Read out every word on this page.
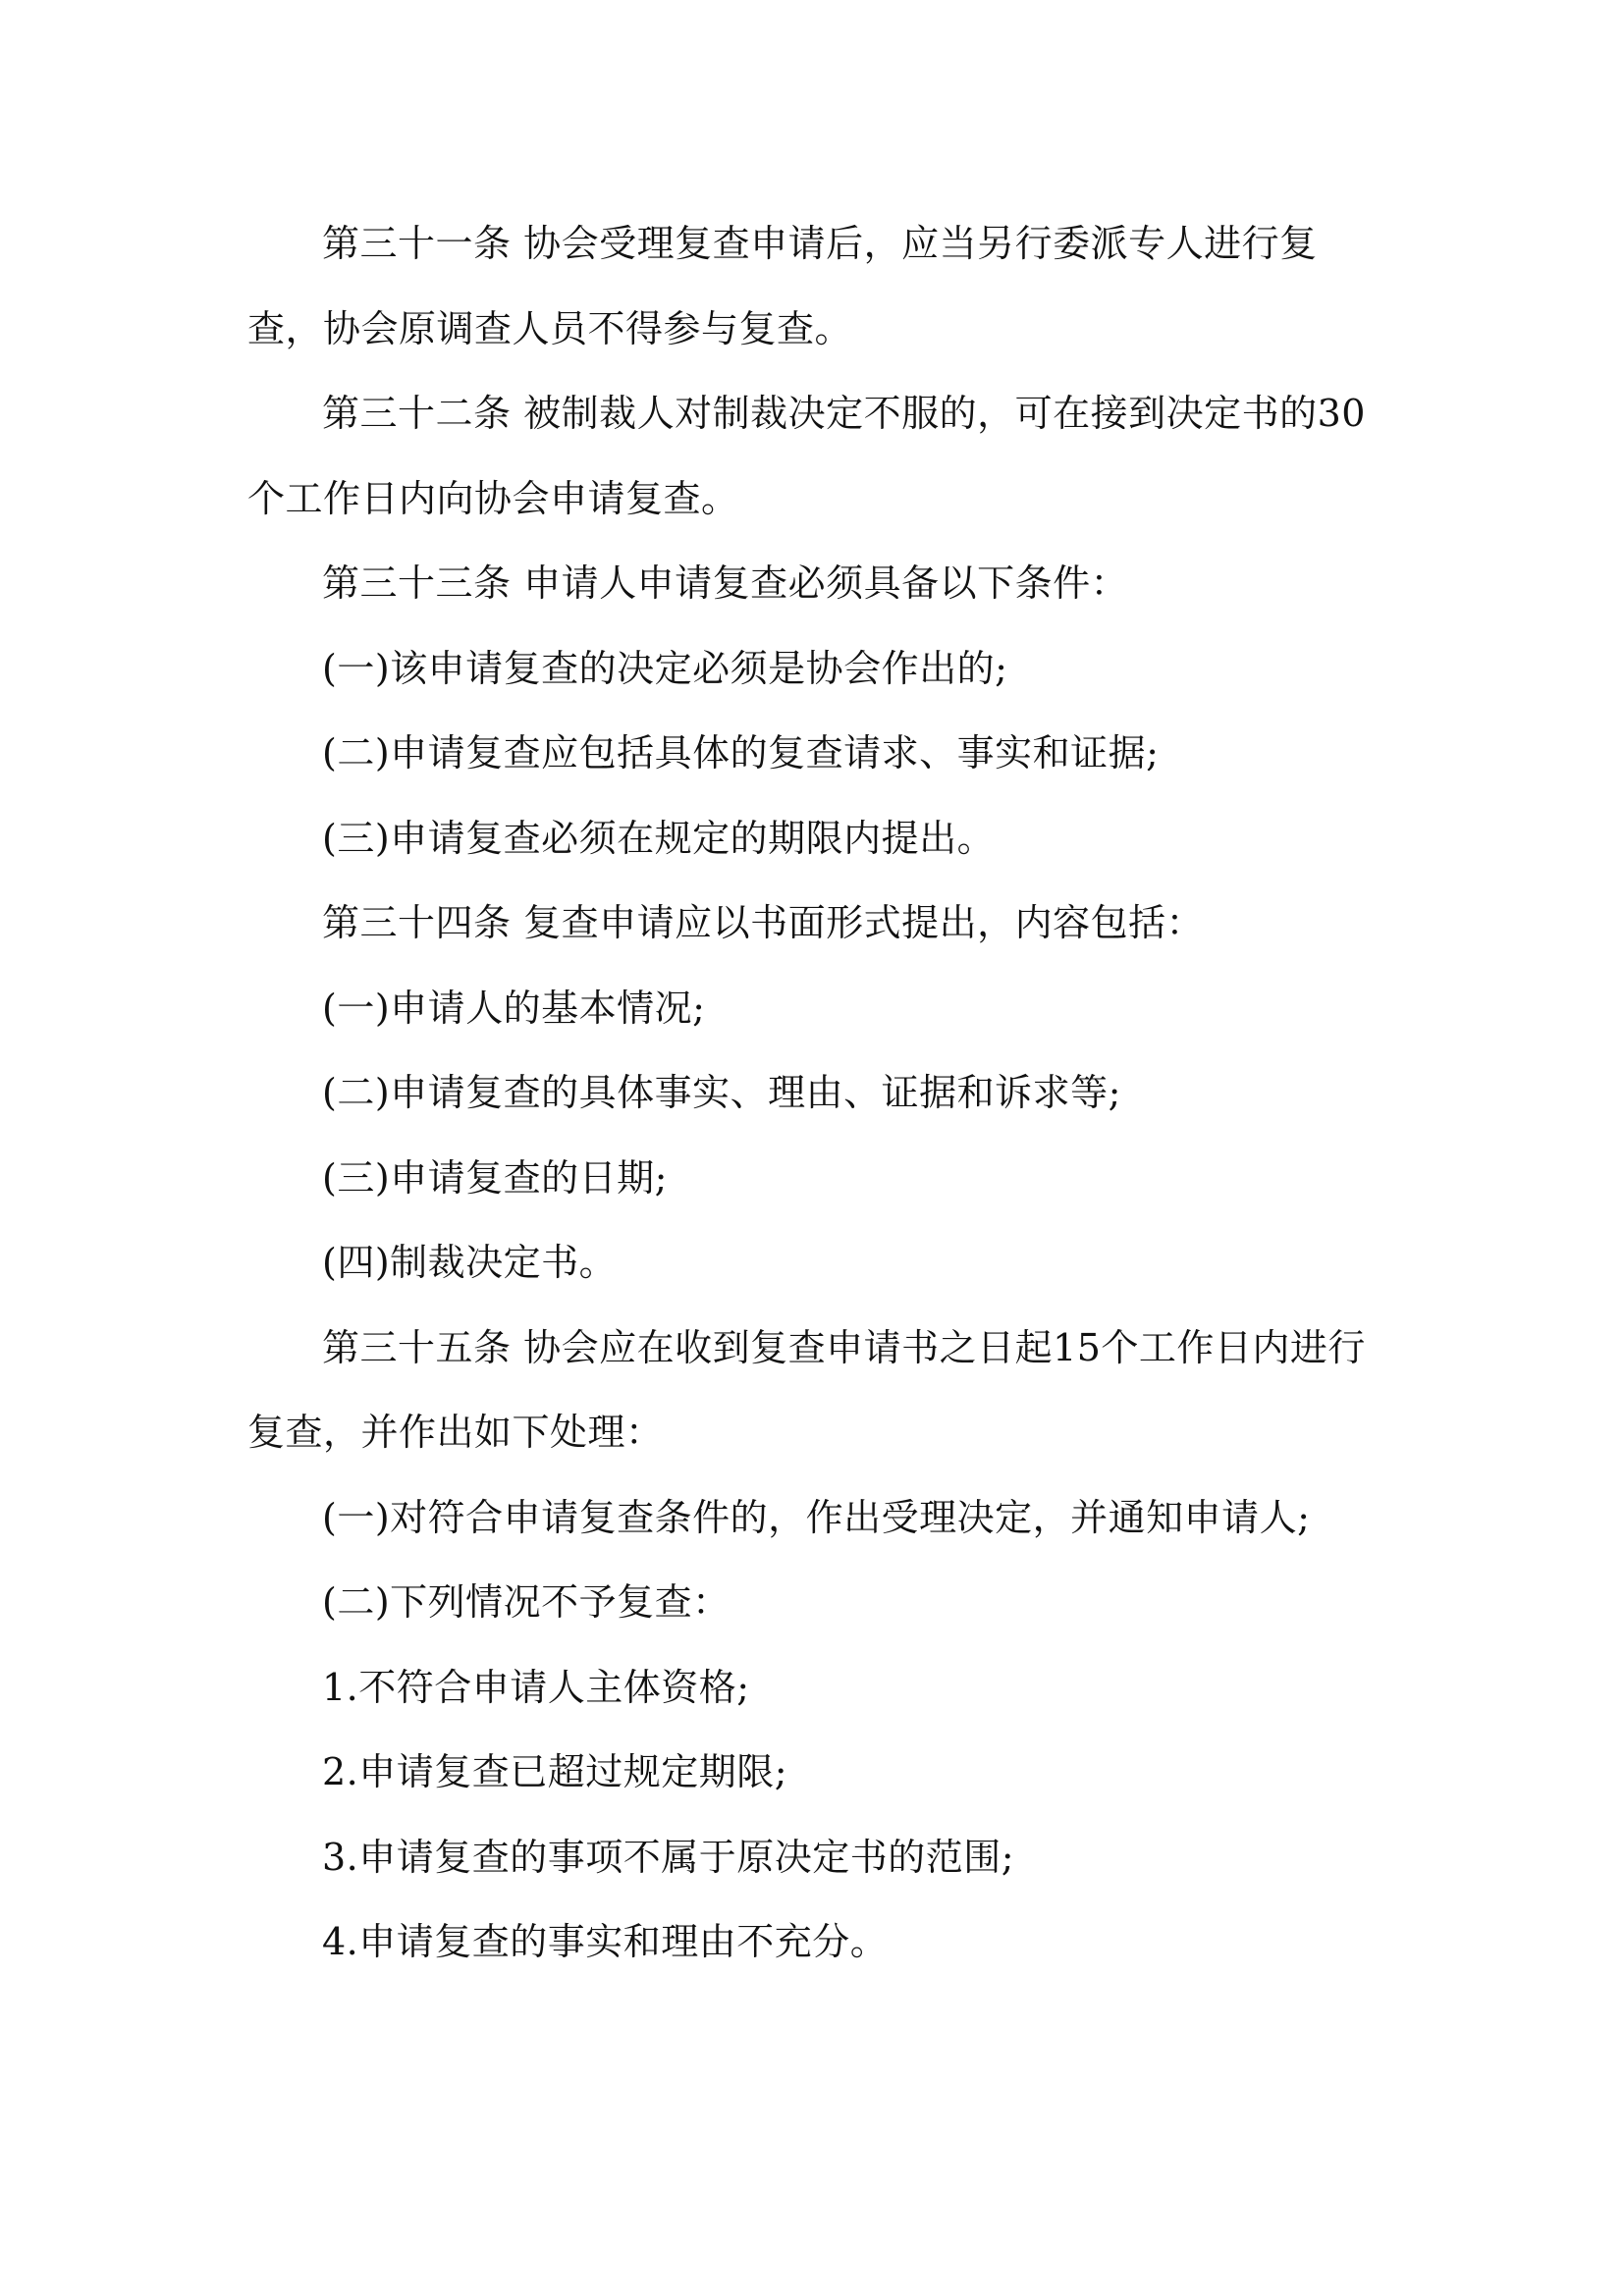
第三十一条 协会受理复查申请后，应当另行委派专人进行复查，协会原调查人员不得参与复查。

第三十二条 被制裁人对制裁决定不服的，可在接到决定书的30个工作日内向协会申请复查。

第三十三条 申请人申请复查必须具备以下条件：

(一)该申请复查的决定必须是协会作出的;

(二)申请复查应包括具体的复查请求、事实和证据;

(三)申请复查必须在规定的期限内提出。

第三十四条 复查申请应以书面形式提出，内容包括：

(一)申请人的基本情况;

(二)申请复查的具体事实、理由、证据和诉求等;

(三)申请复查的日期;

(四)制裁决定书。

第三十五条 协会应在收到复查申请书之日起15个工作日内进行复查，并作出如下处理：

(一)对符合申请复查条件的，作出受理决定，并通知申请人;

(二)下列情况不予复查：

1.不符合申请人主体资格;

2.申请复查已超过规定期限;

3.申请复查的事项不属于原决定书的范围;

4.申请复查的事实和理由不充分。
